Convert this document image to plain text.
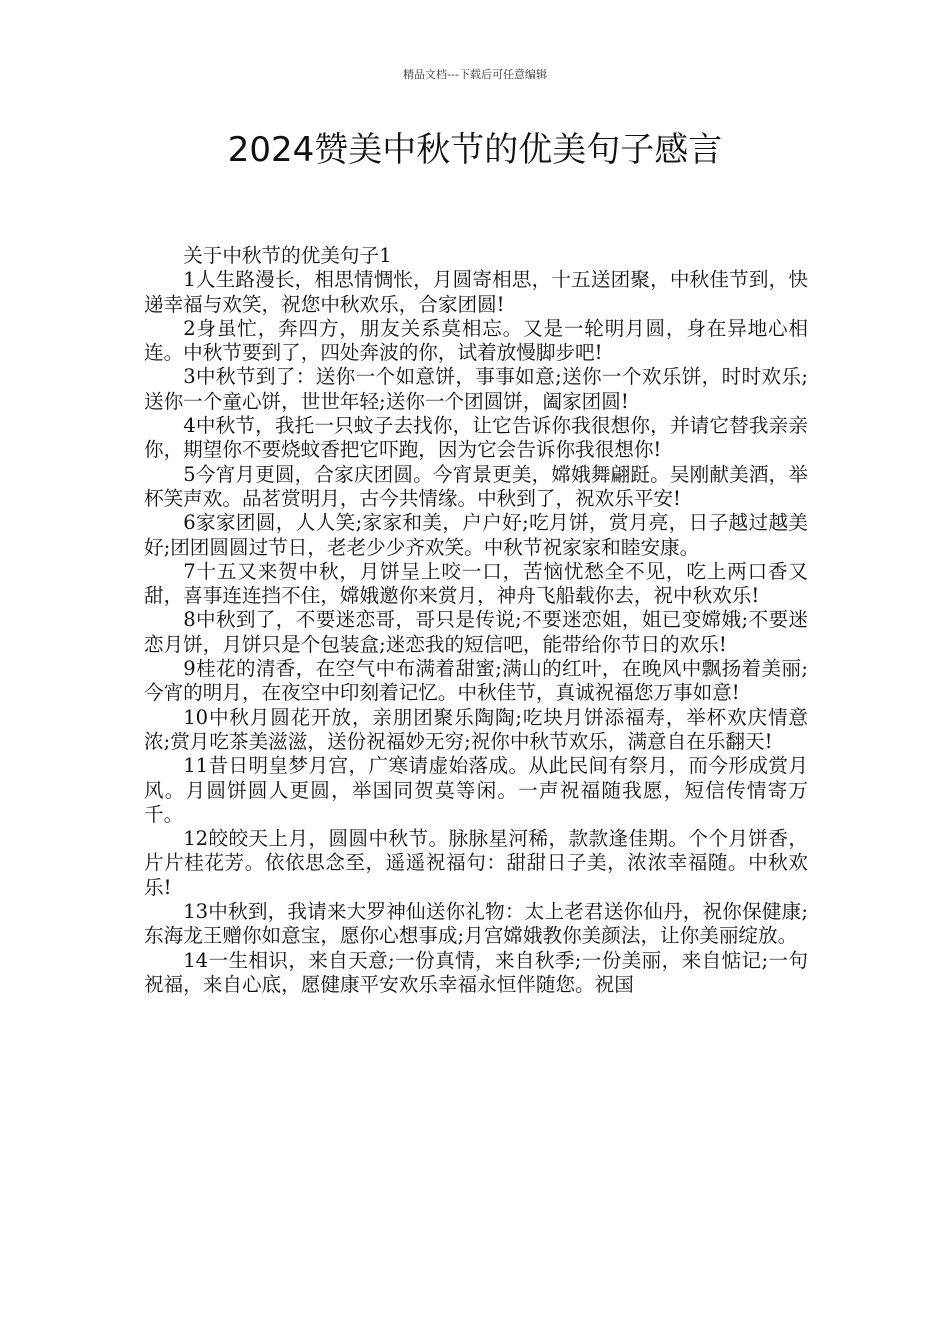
精品文档---下载后可任意编辑
2024赞美中秋节的优美句子感言

关于中秋节的优美句子1

1人生路漫长，相思情惆怅，月圆寄相思，十五送团聚，中秋佳节到，快递幸福与欢笑，祝您中秋欢乐，合家团圆!

2身虽忙，奔四方，朋友关系莫相忘。又是一轮明月圆，身在异地心相连。中秋节要到了，四处奔波的你，试着放慢脚步吧!

3中秋节到了：送你一个如意饼，事事如意;送你一个欢乐饼，时时欢乐;送你一个童心饼，世世年轻;送你一个团圆饼，阖家团圆!

4中秋节，我托一只蚊子去找你，让它告诉你我很想你，并请它替我亲亲你，期望你不要烧蚊香把它吓跑，因为它会告诉你我很想你!

5今宵月更圆，合家庆团圆。今宵景更美，嫦娥舞翩跹。吴刚献美酒，举杯笑声欢。品茗赏明月，古今共情缘。中秋到了，祝欢乐平安!

6家家团圆，人人笑;家家和美，户户好;吃月饼，赏月亮，日子越过越美好;团团圆圆过节日，老老少少齐欢笑。中秋节祝家家和睦安康。

7十五又来贺中秋，月饼呈上咬一口，苦恼忧愁全不见，吃上两口香又甜，喜事连连挡不住，嫦娥邀你来赏月，神舟飞船载你去，祝中秋欢乐!

8中秋到了，不要迷恋哥，哥只是传说;不要迷恋姐，姐已变嫦娥;不要迷恋月饼，月饼只是个包装盒;迷恋我的短信吧，能带给你节日的欢乐!

9桂花的清香，在空气中布满着甜蜜;满山的红叶，在晚风中飘扬着美丽;今宵的明月，在夜空中印刻着记忆。中秋佳节，真诚祝福您万事如意!

10中秋月圆花开放，亲朋团聚乐陶陶;吃块月饼添福寿，举杯欢庆情意浓;赏月吃茶美滋滋，送份祝福妙无穷;祝你中秋节欢乐，满意自在乐翻天!

11昔日明皇梦月宫，广寒请虚始落成。从此民间有祭月，而今形成赏月风。月圆饼圆人更圆，举国同贺莫等闲。一声祝福随我愿，短信传情寄万千。

12皎皎天上月，圆圆中秋节。脉脉星河稀，款款逢佳期。个个月饼香，片片桂花芳。依依思念至，遥遥祝福句：甜甜日子美，浓浓幸福随。中秋欢乐!

13中秋到，我请来大罗神仙送你礼物：太上老君送你仙丹，祝你保健康;东海龙王赠你如意宝，愿你心想事成;月宫嫦娥教你美颜法，让你美丽绽放。

14一生相识，来自天意;一份真情，来自秋季;一份美丽，来自惦记;一句祝福，来自心底，愿健康平安欢乐幸福永恒伴随您。祝国
